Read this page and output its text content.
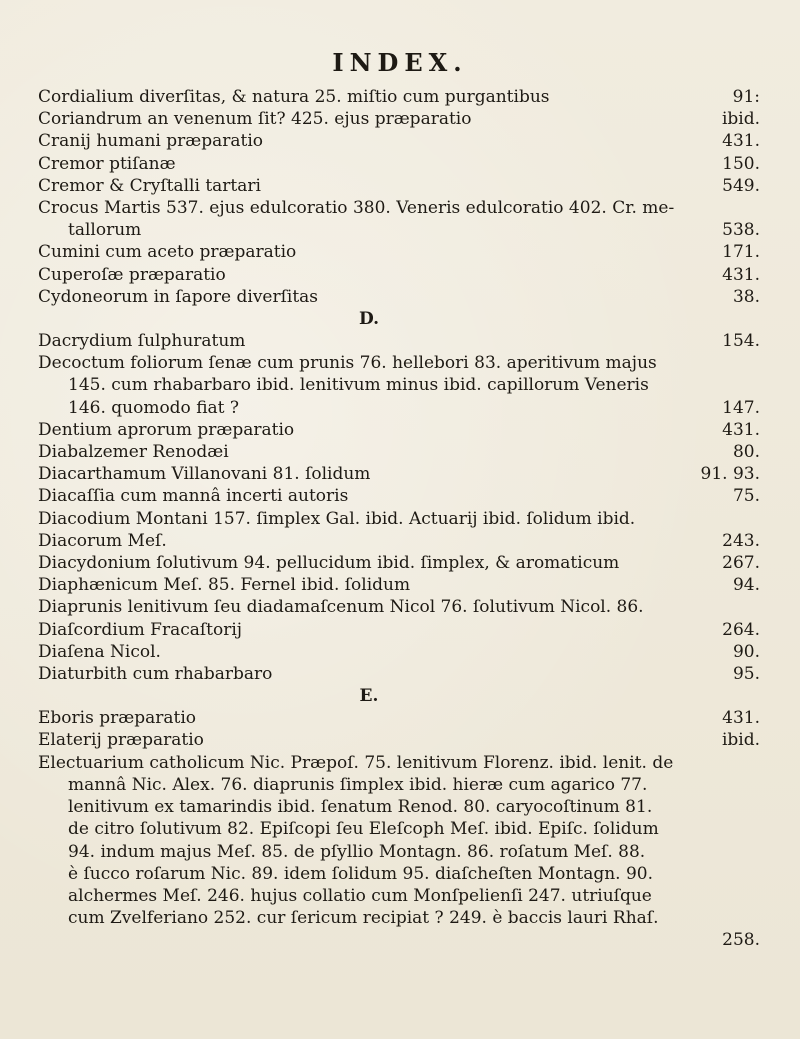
INDEX.
Cordialium diverſitas, & natura 25. miſtio cum purgantibus	91:
Coriandrum an venenum ſit? 425. ejus præparatio	ibid.
Cranij humani præparatio	431.
Cremor ptiſanæ	150.
Cremor & Cryſtalli tartari	549.
Crocus Martis 537. ejus edulcoratio 380. Veneris edulcoratio 402. Cr. me-
tallorum	538.
Cumini cum aceto præparatio	171.
Cuperoſæ præparatio	431.
Cydoneorum in ſapore diverſitas	38.
D.
Dacrydium ſulphuratum	154.
Decoctum foliorum ſenæ cum prunis 76. hellebori 83. aperitivum majus
145. cum rhabarbaro ibid. lenitivum minus ibid. capillorum Veneris
146. quomodo fiat ?	147.
Dentium aprorum præparatio	431.
Diabalzemer Renodæi	80.
Diacarthamum Villanovani 81. ſolidum	91. 93.
Diacaſſia cum mannâ incerti autoris	75.
Diacodium Montani 157. ſimplex Gal. ibid. Actuarij ibid. ſolidum ibid.
Diacorum Meſ.	243.
Diacydonium ſolutivum 94. pellucidum ibid. ſimplex, & aromaticum	267.
Diaphænicum Meſ. 85. Fernel ibid. ſolidum	94.
Diaprunis lenitivum ſeu diadamaſcenum Nicol 76. ſolutivum Nicol. 86.
Diaſcordium Fracaſtorij	264.
Diaſena Nicol.	90.
Diaturbith cum rhabarbaro	95.
E.
Eboris præparatio	431.
Elaterij præparatio	ibid.
Electuarium catholicum Nic. Præpoſ. 75. lenitivum Florenz. ibid. lenit. de
mannâ Nic. Alex. 76. diaprunis ſimplex ibid. hieræ cum agarico 77.
lenitivum ex tamarindis ibid. ſenatum Renod. 80. caryocoſtinum 81.
de citro ſolutivum 82. Epiſcopi ſeu Eleſcoph Meſ. ibid. Epiſc. ſolidum
94. indum majus Meſ. 85. de pſyllio Montagn. 86. roſatum Meſ. 88.
è ſucco roſarum Nic. 89. idem ſolidum 95. diaſcheſten Montagn. 90.
alchermes Meſ. 246. hujus collatio cum Monſpelienſi 247. utriuſque
cum Zvelferiano 252. cur ſericum recipiat ? 249. è baccis lauri Rhaſ.
258.
